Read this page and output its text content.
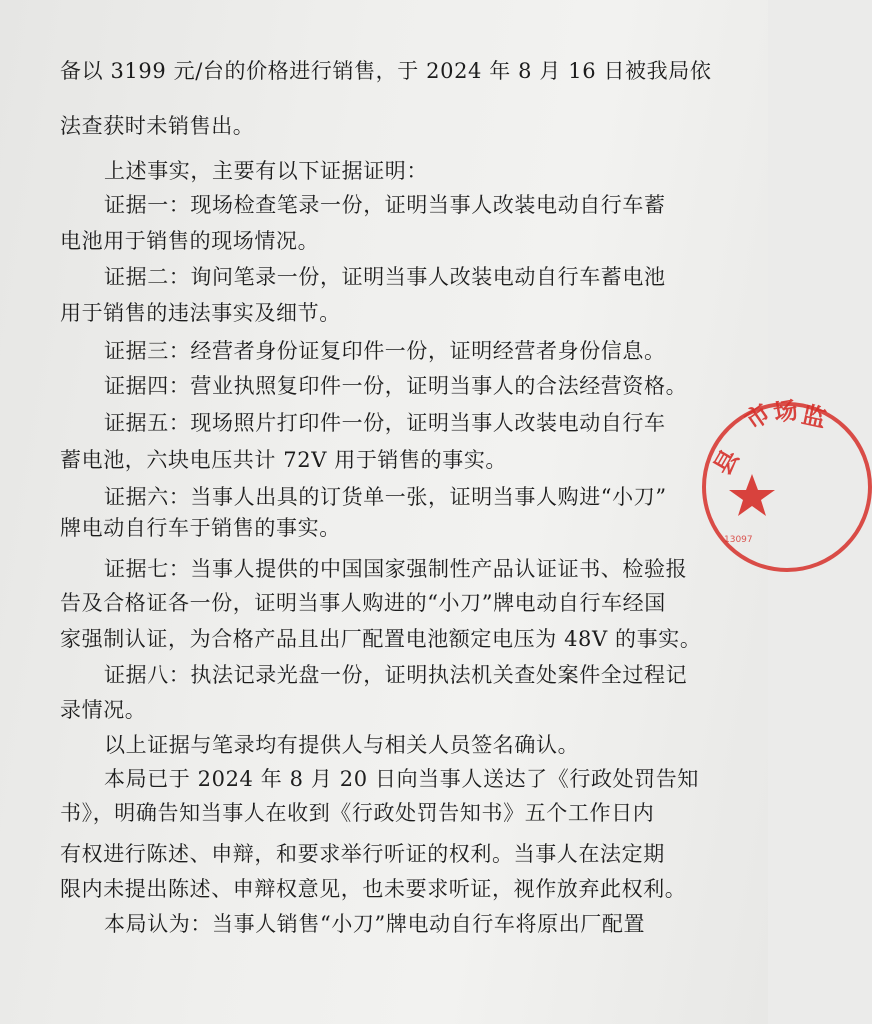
备以 3199 元/台的价格进行销售，于 2024 年 8 月 16 日被我局依
法查获时未销售出。
上述事实，主要有以下证据证明：
证据一：现场检查笔录一份，证明当事人改装电动自行车蓄
电池用于销售的现场情况。
证据二：询问笔录一份，证明当事人改装电动自行车蓄电池
用于销售的违法事实及细节。
证据三：经营者身份证复印件一份，证明经营者身份信息。
证据四：营业执照复印件一份，证明当事人的合法经营资格。
证据五：现场照片打印件一份，证明当事人改装电动自行车
蓄电池，六块电压共计 72V 用于销售的事实。
证据六：当事人出具的订货单一张，证明当事人购进“小刀”
牌电动自行车于销售的事实。
证据七：当事人提供的中国国家强制性产品认证证书、检验报
告及合格证各一份，证明当事人购进的“小刀”牌电动自行车经国
家强制认证，为合格产品且出厂配置电池额定电压为 48V 的事实。
证据八：执法记录光盘一份，证明执法机关查处案件全过程记
录情况。
以上证据与笔录均有提供人与相关人员签名确认。
本局已于 2024 年 8 月 20 日向当事人送达了《行政处罚告知
书》，明确告知当事人在收到《行政处罚告知书》五个工作日内
有权进行陈述、申辩，和要求举行听证的权利。当事人在法定期
限内未提出陈述、申辩权意见，也未要求听证，视作放弃此权利。
本局认为：当事人销售“小刀”牌电动自行车将原出厂配置
县
市
场 监
13097
